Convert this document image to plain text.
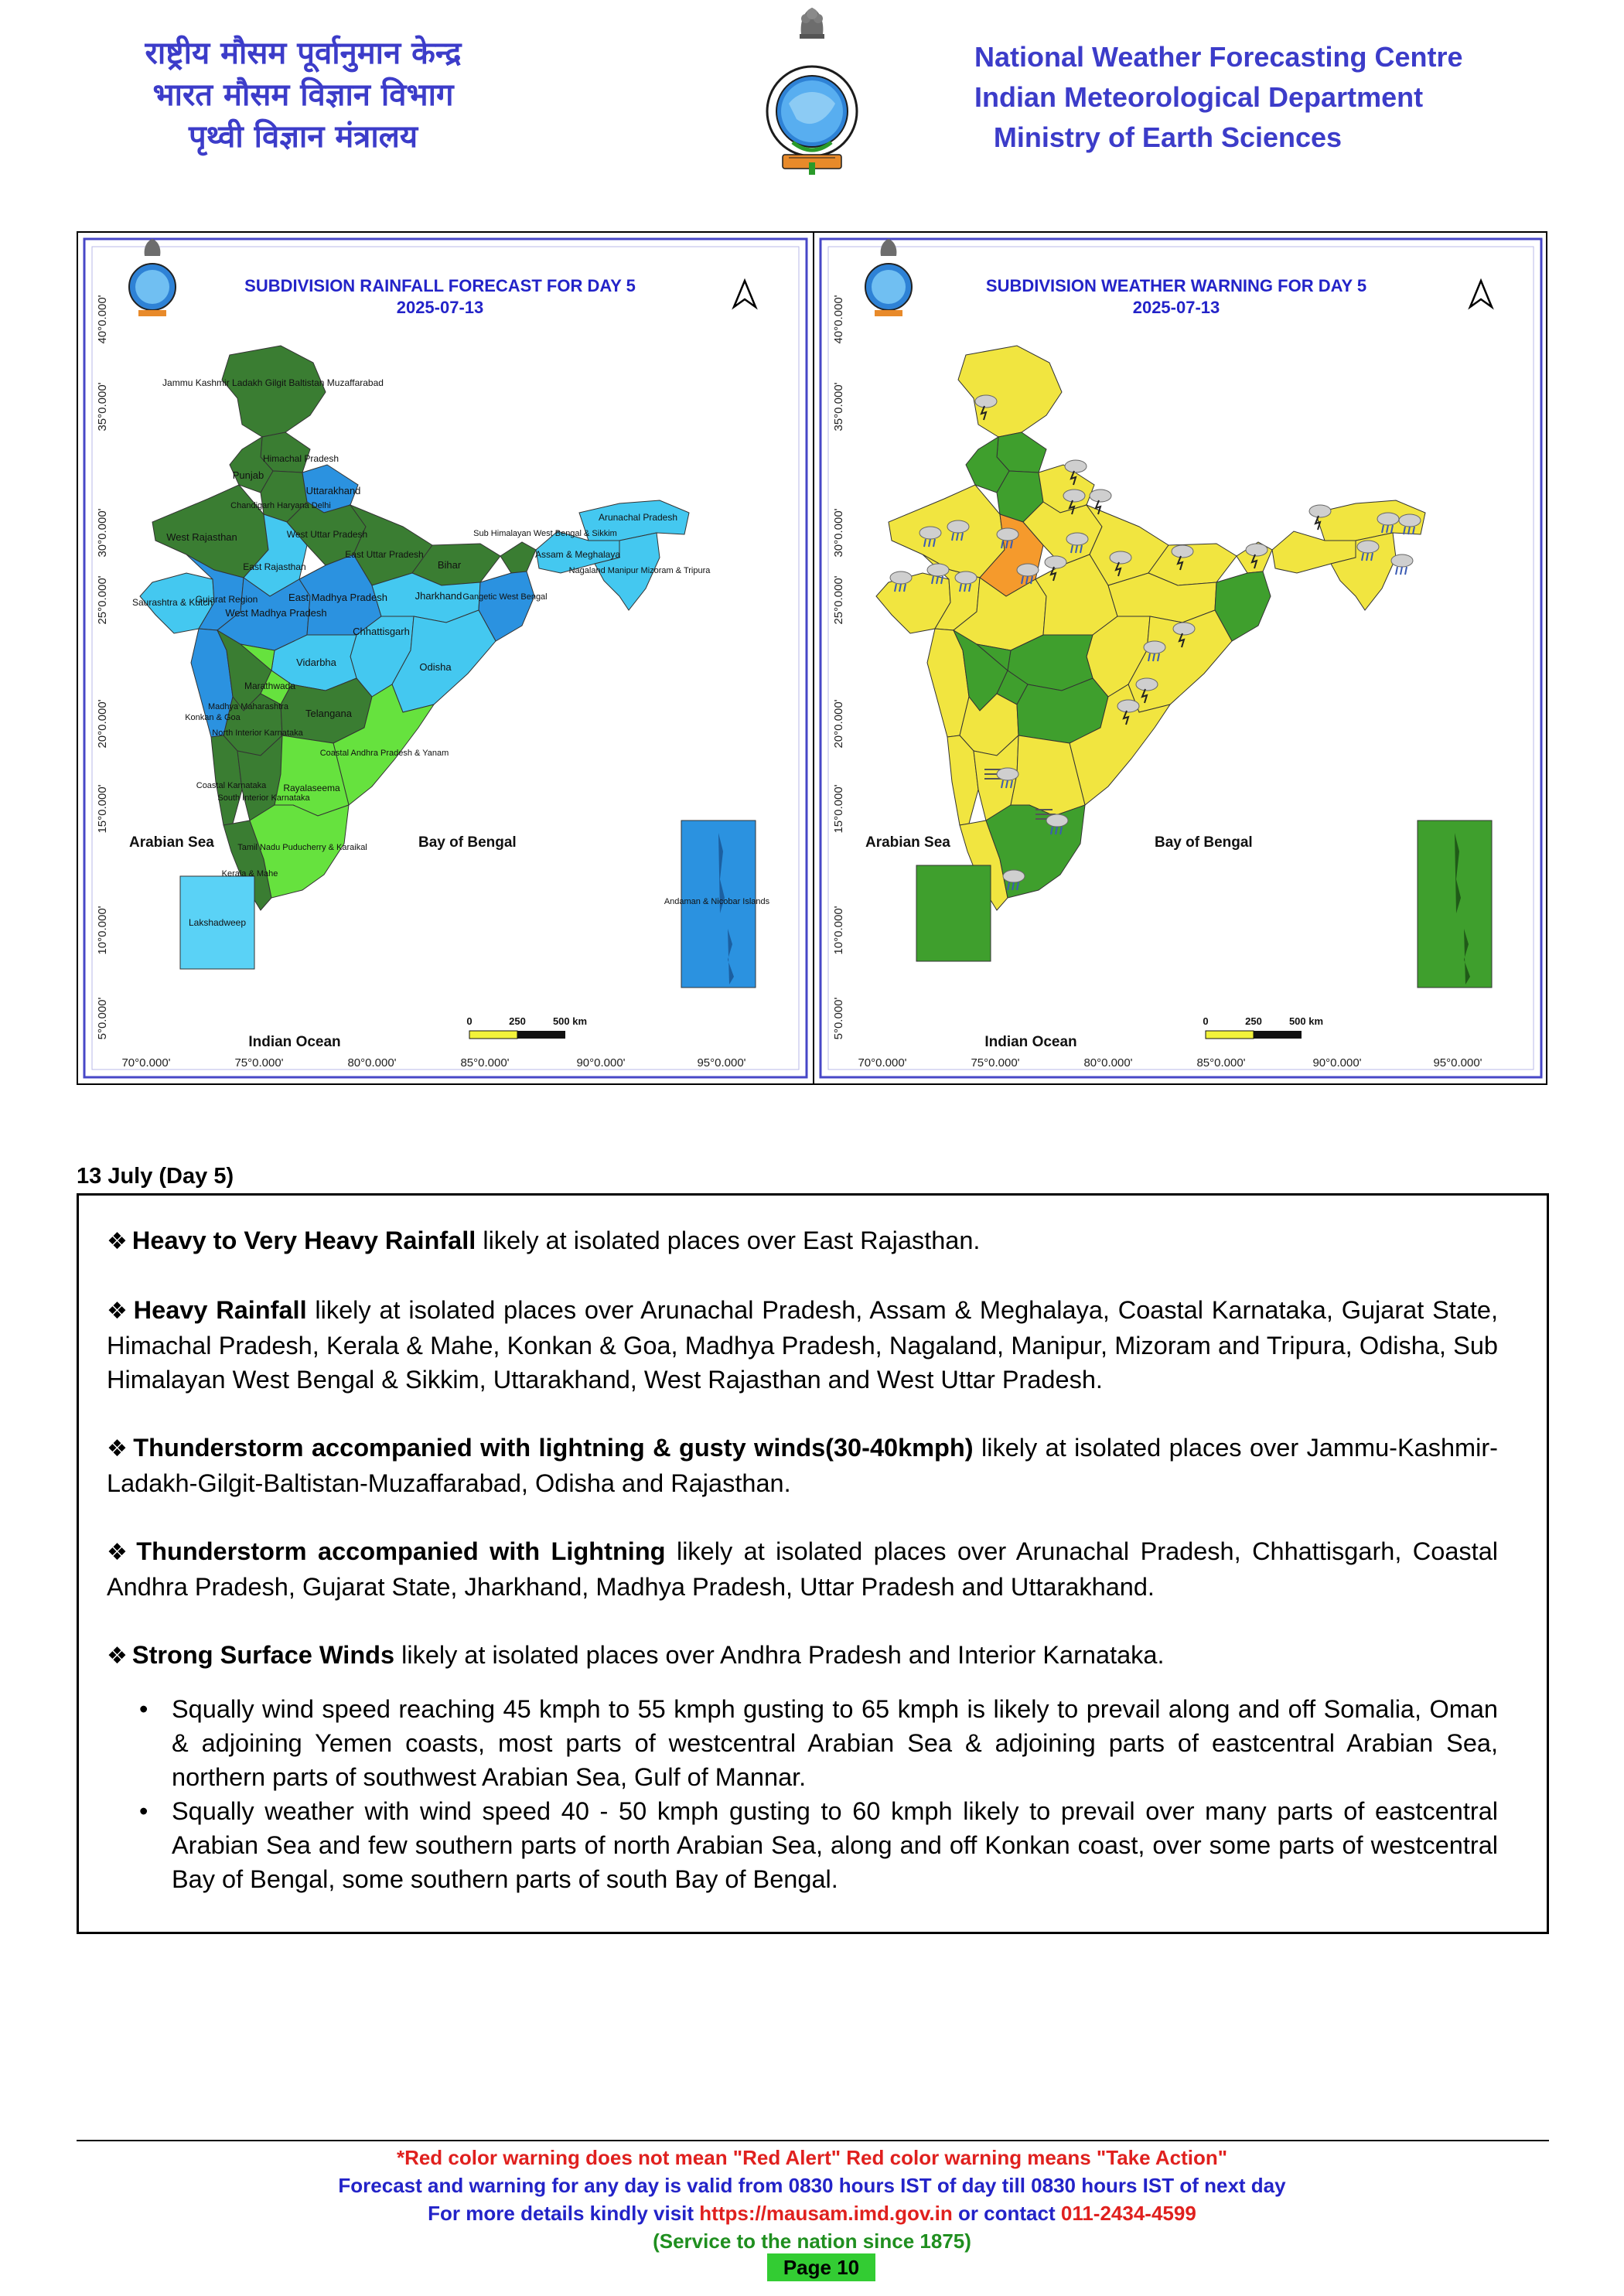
राष्ट्रीय मौसम पूर्वानुमान केन्द्र
भारत मौसम विज्ञान विभाग
पृथ्वी विज्ञान मंत्रालय
National Weather Forecasting Centre
Indian Meteorological Department
Ministry of Earth Sciences
SUBDIVISION RAINFALL FORECAST FOR DAY 5
2025-07-13
40°0.000'
35°0.000'
30°0.000'
25°0.000'
20°0.000'
15°0.000'
10°0.000'
5°0.000'
Jammu Kashmir Ladakh Gilgit Baltistan Muzaffarabad
Himachal Pradesh
Punjab
Uttarakhand
Chandigarh Haryana Delhi
West Uttar Pradesh
West Rajasthan
East Uttar Pradesh
East Rajasthan	Bihar
Sub Himalayan West Bengal & Sikkim
Arunachal Pradesh
Assam & Meghalaya
Nagaland Manipur Mizoram & Tripura
Saurashtra & Kutch
Gujarat Region
West Madhya Pradesh
East Madhya Pradesh	Jharkhand Gangetic West Bengal
Chhattisgarh
Vidarbha	Odisha
Konkan & Goa
Madhya Maharashtra
Marathwada
North Interior Karnataka
Telangana
Coastal Andhra Pradesh & Yanam
Coastal Karnataka
South Interior Karnataka
Rayalaseema
Tamil Nadu Puducherry & Karaikal
Kerala & Mahe
Lakshadweep
Andaman & Nicobar Islands
Arabian Sea	Bay of Bengal
Indian Ocean
0	250	500 km
70°0.000'	75°0.000'	80°0.000'	85°0.000'	90°0.000'	95°0.000'
SUBDIVISION WEATHER WARNING FOR DAY 5
2025-07-13
40°0.000'
35°0.000'
30°0.000'
25°0.000'
20°0.000'
15°0.000'
10°0.000'
5°0.000'
Arabian Sea	Bay of Bengal
Indian Ocean
0	250	500 km
70°0.000'	75°0.000'	80°0.000'	85°0.000'	90°0.000'	95°0.000'
13 July (Day 5)

❖ Heavy to Very Heavy Rainfall likely at isolated places over East Rajasthan.

❖ Heavy Rainfall likely at isolated places over Arunachal Pradesh, Assam & Meghalaya, Coastal Karnataka, Gujarat State, Himachal Pradesh, Kerala & Mahe, Konkan & Goa, Madhya Pradesh, Nagaland, Manipur, Mizoram and Tripura, Odisha, Sub Himalayan West Bengal & Sikkim, Uttarakhand, West Rajasthan and West Uttar Pradesh.

❖ Thunderstorm accompanied with lightning & gusty winds(30-40kmph) likely at isolated places over Jammu-Kashmir-Ladakh-Gilgit-Baltistan-Muzaffarabad, Odisha and Rajasthan.

❖ Thunderstorm accompanied with Lightning likely at isolated places over Arunachal Pradesh, Chhattisgarh, Coastal Andhra Pradesh, Gujarat State, Jharkhand, Madhya Pradesh, Uttar Pradesh and Uttarakhand.

❖ Strong Surface Winds likely at isolated places over Andhra Pradesh and Interior Karnataka.

• Squally wind speed reaching 45 kmph to 55 kmph gusting to 65 kmph is likely to prevail along and off Somalia, Oman & adjoining Yemen coasts, most parts of westcentral Arabian Sea & adjoining parts of eastcentral Arabian Sea, northern parts of southwest Arabian Sea, Gulf of Mannar.
• Squally weather with wind speed 40 - 50 kmph gusting to 60 kmph likely to prevail over many parts of eastcentral Arabian Sea and few southern parts of north Arabian Sea, along and off Konkan coast, over some parts of westcentral Bay of Bengal, some southern parts of south Bay of Bengal.
*Red color warning does not mean "Red Alert" Red color warning means "Take Action"
Forecast and warning for any day is valid from 0830 hours IST of day till 0830 hours IST of next day
For more details kindly visit https://mausam.imd.gov.in or contact 011-2434-4599
(Service to the nation since 1875)
Page 10
